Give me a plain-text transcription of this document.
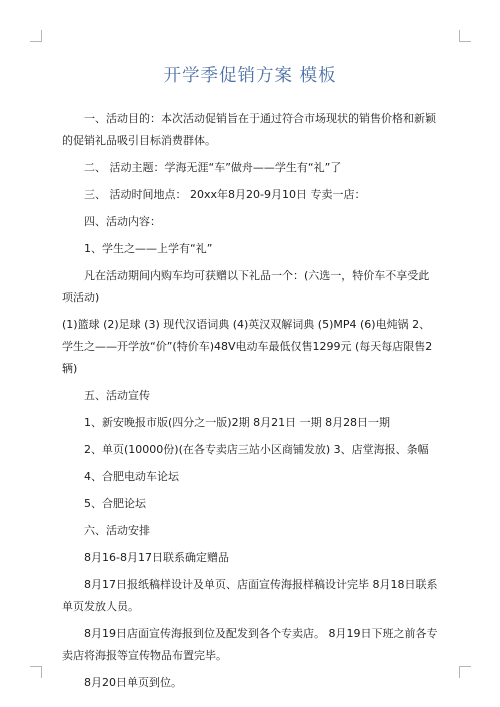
开学季促销方案 模板

一、活动目的：本次活动促销旨在于通过符合市场现状的销售价格和新颖的促销礼品吸引目标消费群体。

二、 活动主题：学海无涯“车”做舟——学生有“礼”了

三、 活动时间地点： 20xx年8月20-9月10日 专卖一店：

四、活动内容：

1、学生之——上学有“礼”

凡在活动期间内购车均可获赠以下礼品一个：(六选一，特价车不享受此项活动)

(1)篮球 (2)足球 (3) 现代汉语词典 (4)英汉双解词典 (5)MP4 (6)电炖锅 2、学生之——开学放“价”(特价车)48V电动车最低仅售1299元 (每天每店限售2辆)

五、活动宣传

1、新安晚报市版(四分之一版)2期 8月21日 一期 8月28日一期

2、单页(10000份)(在各专卖店三站小区商铺发放) 3、店堂海报、条幅

4、合肥电动车论坛

5、合肥论坛

六、活动安排

8月16-8月17日联系确定赠品

8月17日报纸稿样设计及单页、店面宣传海报样稿设计完毕 8月18日联系单页发放人员。

8月19日店面宣传海报到位及配发到各个专卖店。 8月19日下班之前各专卖店将海报等宣传物品布置完毕。

8月20日单页到位。
